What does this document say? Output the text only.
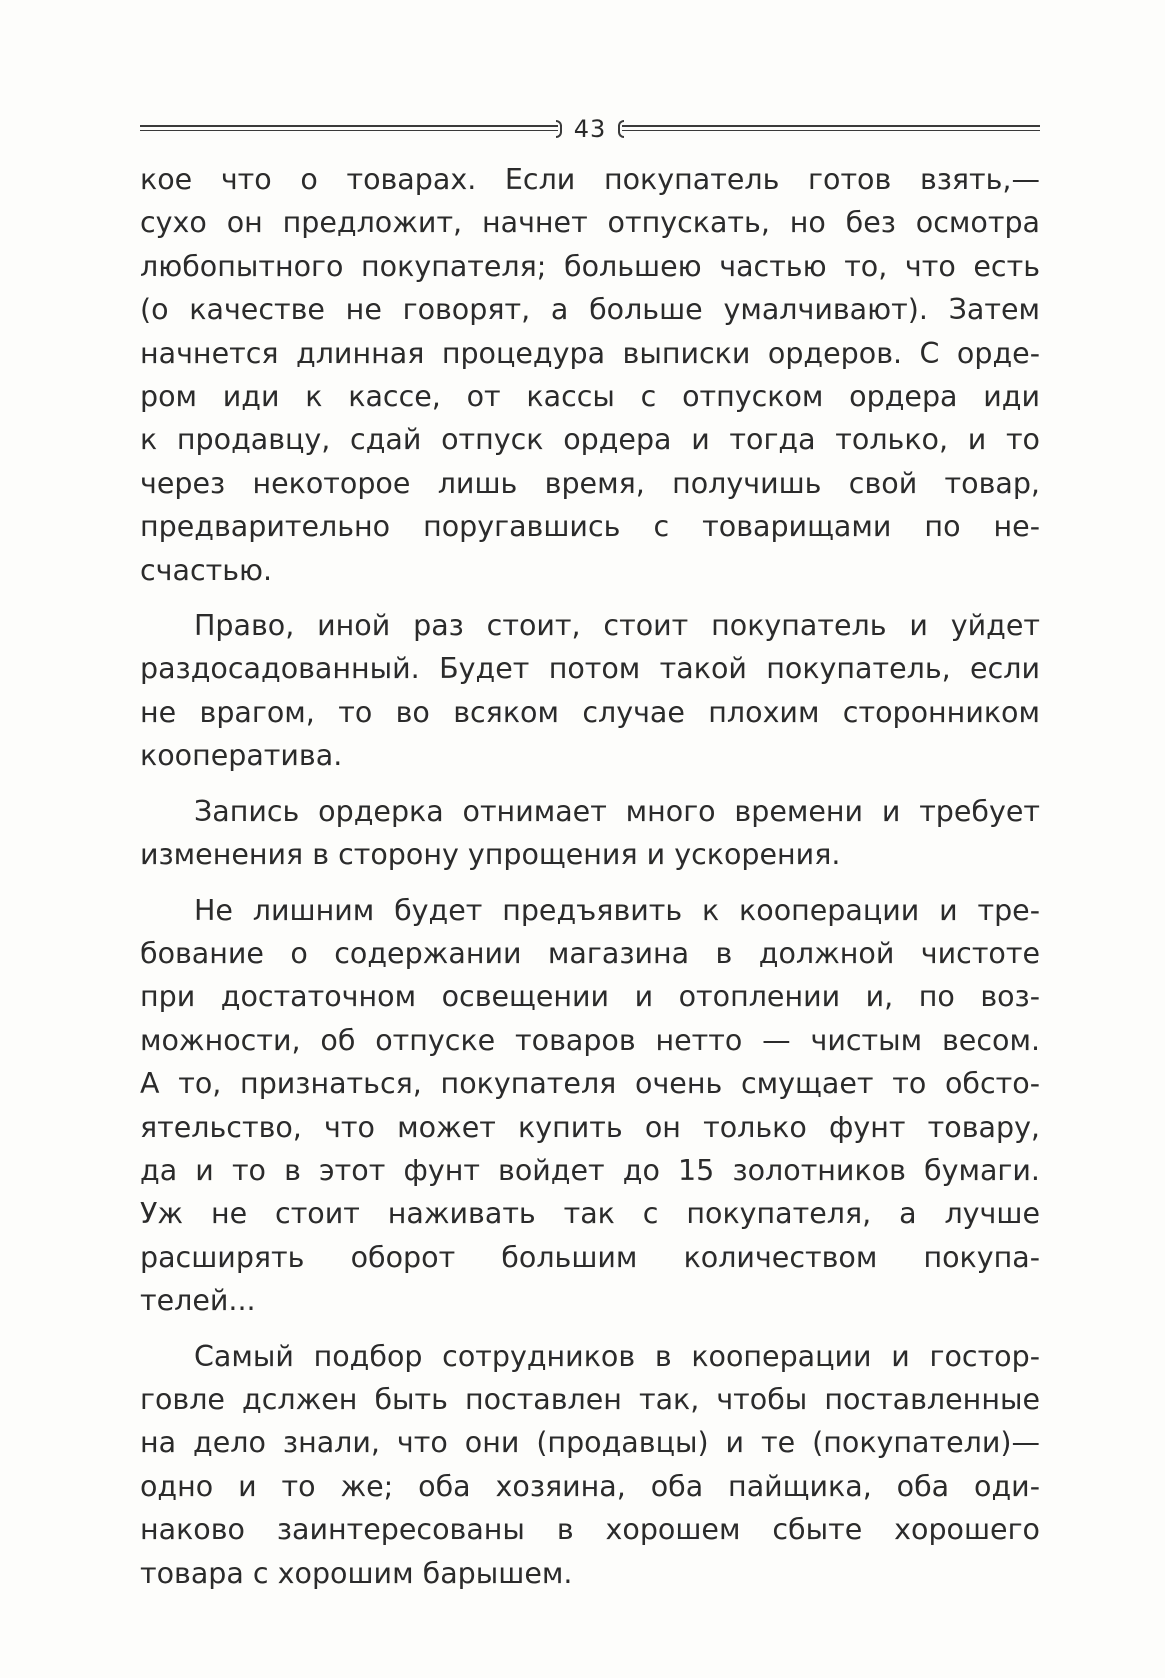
43
кое что о товарах. Если покупатель готов взять,—
сухо он предложит, начнет отпускать, но без осмотра
любопытного покупателя; большею частью то, что есть
(о качестве не говорят, а больше умалчивают). Затем
начнется длинная процедура выписки ордеров. С орде-
ром иди к кассе, от кассы с отпуском ордера иди
к продавцу, сдай отпуск ордера и тогда только, и то
через некоторое лишь время, получишь свой товар,
предварительно поругавшись с товарищами по не-
счастью.
Право, иной раз стоит, стоит покупатель и уйдет
раздосадованный. Будет потом такой покупатель, если
не врагом, то во всяком случае плохим сторонником
кооператива.
Запись ордерка отнимает много времени и требует
изменения в сторону упрощения и ускорения.
Не лишним будет предъявить к кооперации и тре-
бование о содержании магазина в должной чистоте
при достаточном освещении и отоплении и, по воз-
можности, об отпуске товаров нетто — чистым весом.
А то, признаться, покупателя очень смущает то обсто-
ятельство, что может купить он только фунт товару,
да и то в этот фунт войдет до 15 золотников бумаги.
Уж не стоит наживать так с покупателя, а лучше
расширять оборот большим количеством покупа-
телей...
Самый подбор сотрудников в кооперации и гостор-
говле дслжен быть поставлен так, чтобы поставленные
на дело знали, что они (продавцы) и те (покупатели)—
одно и то же; оба хозяина, оба пайщика, оба оди-
наково заинтересованы в хорошем сбыте хорошего
товара с хорошим барышем.
